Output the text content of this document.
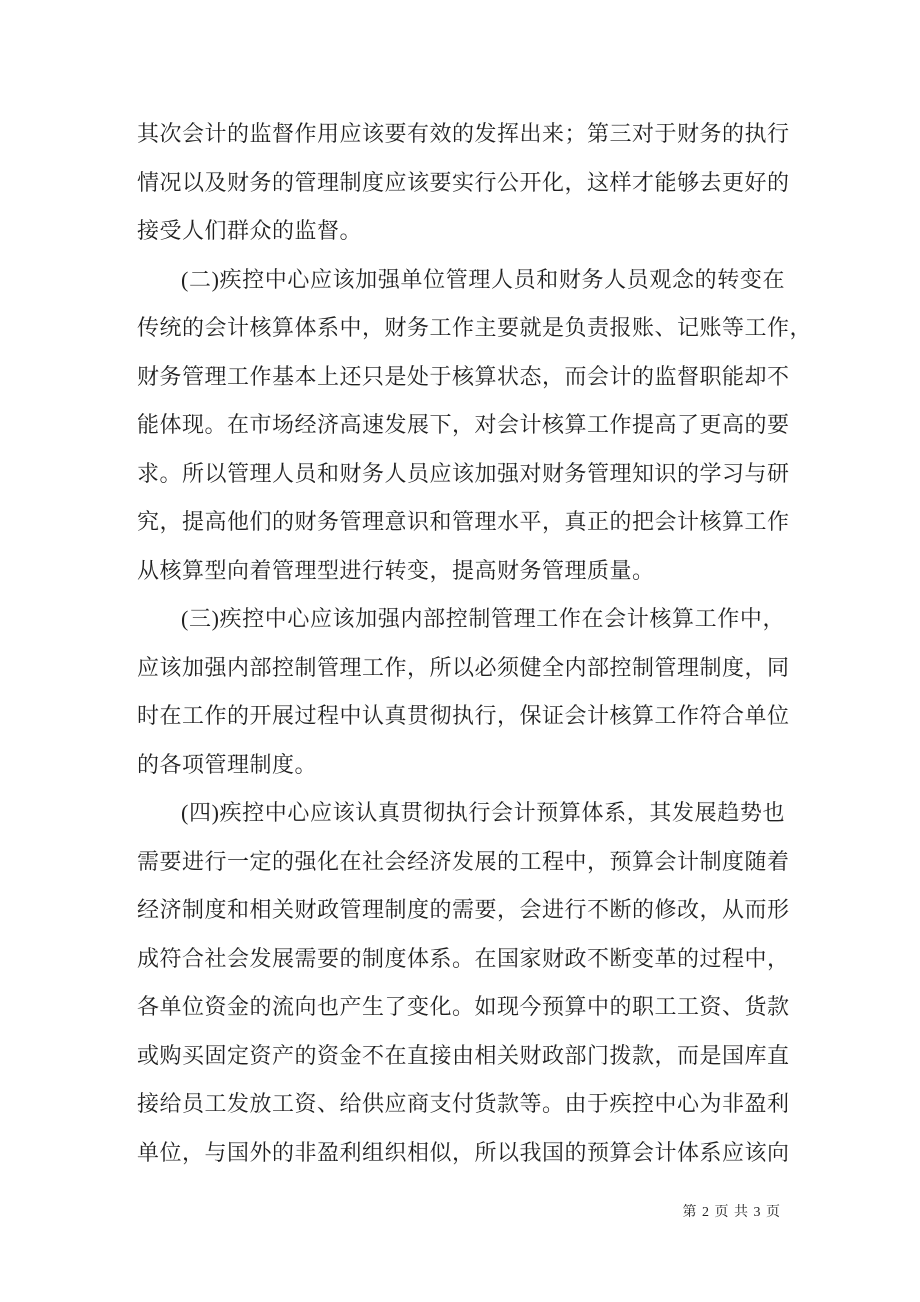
其次会计的监督作用应该要有效的发挥出来；第三对于财务的执行
情况以及财务的管理制度应该要实行公开化，这样才能够去更好的
接受人们群众的监督。
(二)疾控中心应该加强单位管理人员和财务人员观念的转变在
传统的会计核算体系中，财务工作主要就是负责报账、记账等工作，
财务管理工作基本上还只是处于核算状态，而会计的监督职能却不
能体现。在市场经济高速发展下，对会计核算工作提高了更高的要
求。所以管理人员和财务人员应该加强对财务管理知识的学习与研
究，提高他们的财务管理意识和管理水平，真正的把会计核算工作
从核算型向着管理型进行转变，提高财务管理质量。
(三)疾控中心应该加强内部控制管理工作在会计核算工作中，
应该加强内部控制管理工作，所以必须健全内部控制管理制度，同
时在工作的开展过程中认真贯彻执行，保证会计核算工作符合单位
的各项管理制度。
(四)疾控中心应该认真贯彻执行会计预算体系，其发展趋势也
需要进行一定的强化在社会经济发展的工程中，预算会计制度随着
经济制度和相关财政管理制度的需要，会进行不断的修改，从而形
成符合社会发展需要的制度体系。在国家财政不断变革的过程中，
各单位资金的流向也产生了变化。如现今预算中的职工工资、货款
或购买固定资产的资金不在直接由相关财政部门拨款，而是国库直
接给员工发放工资、给供应商支付货款等。由于疾控中心为非盈利
单位，与国外的非盈利组织相似，所以我国的预算会计体系应该向
第 2 页 共 3 页
